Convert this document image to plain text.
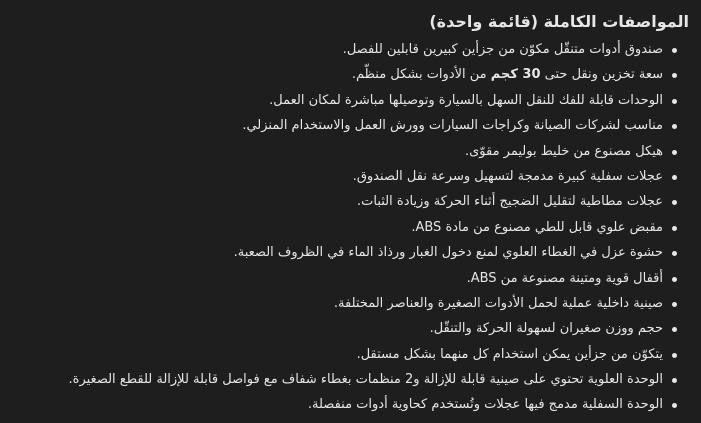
المواصفات الكاملة (قائمة واحدة)
صندوق أدوات متنقّل مكوّن من جزأين كبيرين قابلين للفصل.
سعة تخزين ونقل حتى 30 كجم من الأدوات بشكل منظّم.
الوحدات قابلة للفك للنقل السهل بالسيارة وتوصيلها مباشرة لمكان العمل.
مناسب لشركات الصيانة وكراجات السيارات وورش العمل والاستخدام المنزلي.
هيكل مصنوع من خليط بوليمر مقوّى.
عجلات سفلية كبيرة مدمجة لتسهيل وسرعة نقل الصندوق.
عجلات مطاطية لتقليل الضجيج أثناء الحركة وزيادة الثبات.
مقبض علوي قابل للطي مصنوع من مادة ABS.
حشوة عزل في الغطاء العلوي لمنع دخول الغبار ورذاذ الماء في الظروف الصعبة.
أقفال قوية ومتينة مصنوعة من ABS.
صينية داخلية عملية لحمل الأدوات الصغيرة والعناصر المختلفة.
حجم ووزن صغيران لسهولة الحركة والتنقّل.
يتكوّن من جزأين يمكن استخدام كل منهما بشكل مستقل.
الوحدة العلوية تحتوي على صينية قابلة للإزالة و2 منظمات بغطاء شفاف مع فواصل قابلة للإزالة للقطع الصغيرة.
الوحدة السفلية مدمج فيها عجلات وتُستخدم كحاوية أدوات منفصلة.
